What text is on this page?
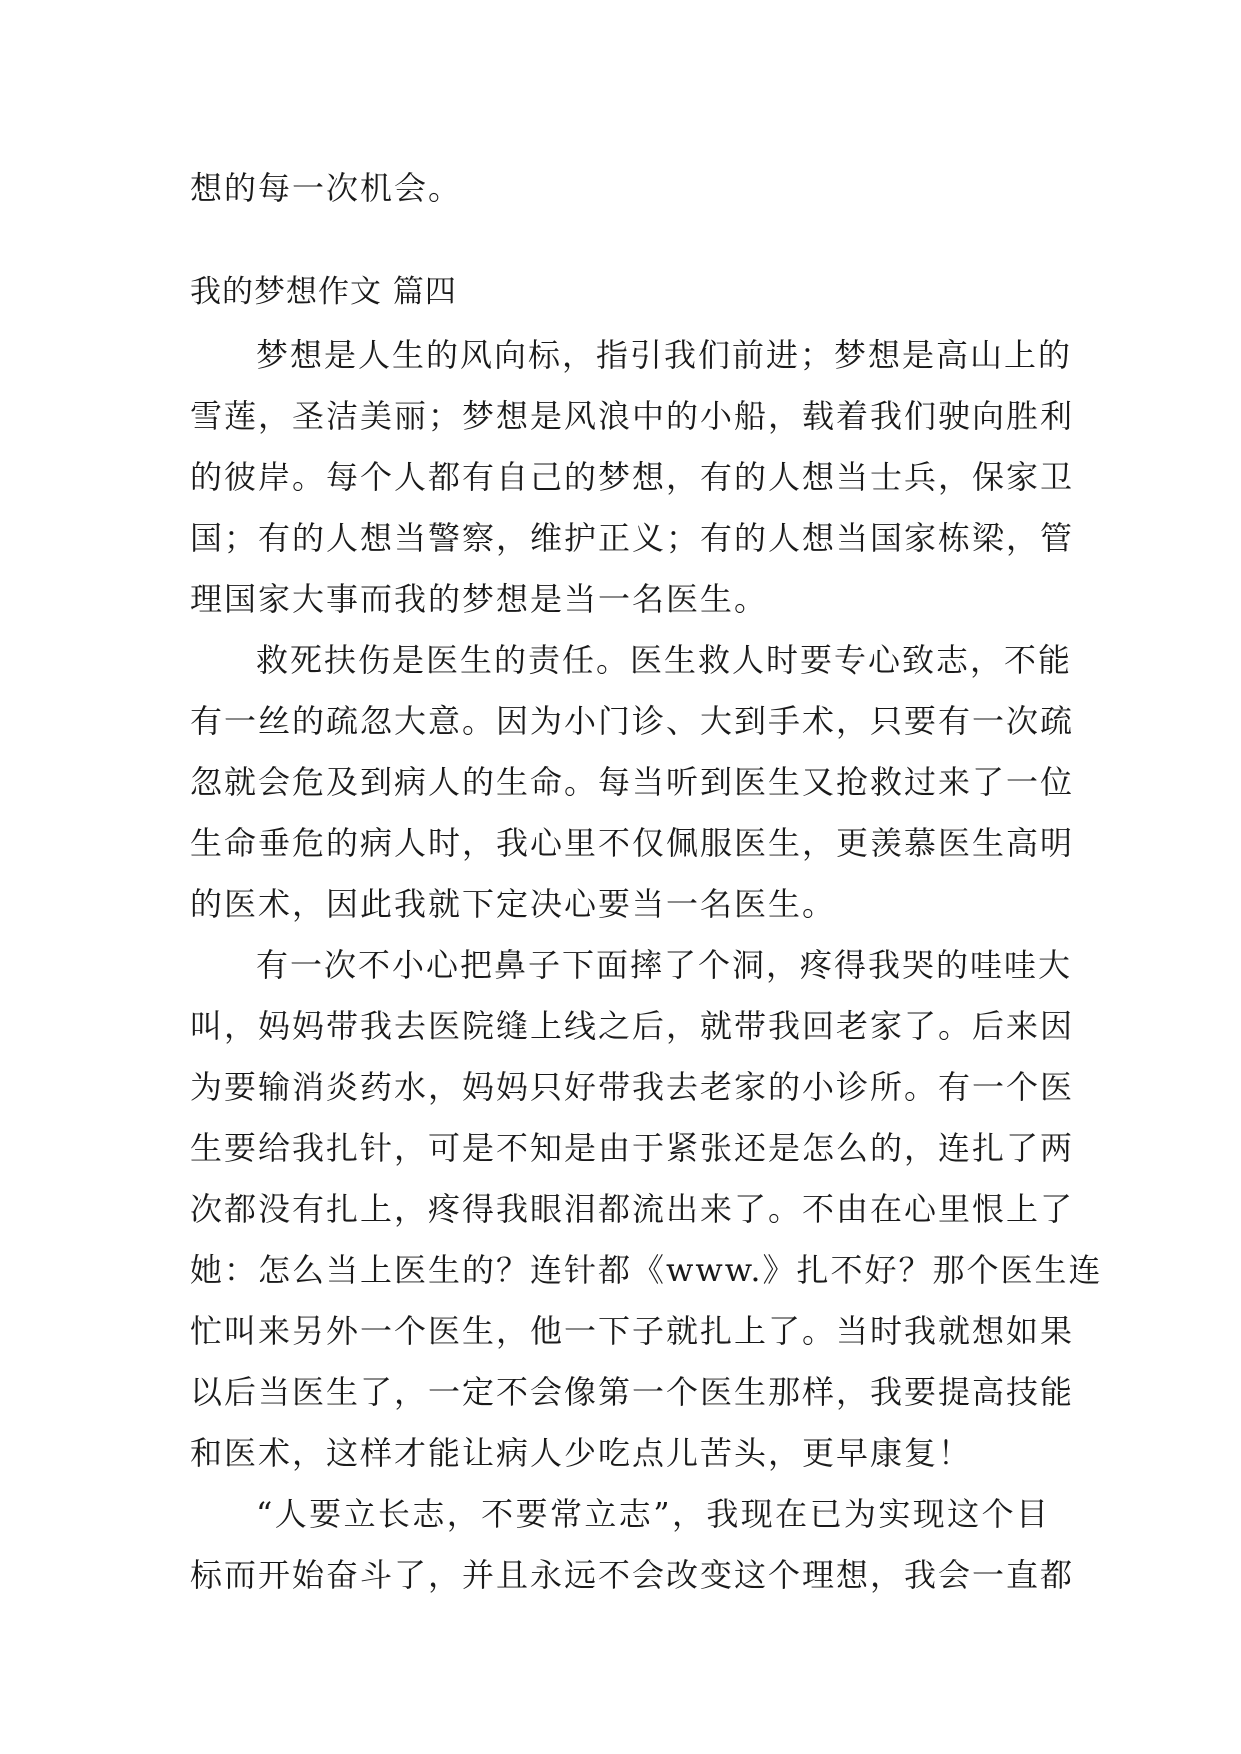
想的每一次机会。
我的梦想作文 篇四
梦想是人生的风向标，指引我们前进；梦想是高山上的
雪莲，圣洁美丽；梦想是风浪中的小船，载着我们驶向胜利
的彼岸。每个人都有自己的梦想，有的人想当士兵，保家卫
国；有的人想当警察，维护正义；有的人想当国家栋梁，管
理国家大事而我的梦想是当一名医生。
救死扶伤是医生的责任。医生救人时要专心致志，不能
有一丝的疏忽大意。因为小门诊、大到手术，只要有一次疏
忽就会危及到病人的生命。每当听到医生又抢救过来了一位
生命垂危的病人时，我心里不仅佩服医生，更羡慕医生高明
的医术，因此我就下定决心要当一名医生。
有一次不小心把鼻子下面摔了个洞，疼得我哭的哇哇大
叫，妈妈带我去医院缝上线之后，就带我回老家了。后来因
为要输消炎药水，妈妈只好带我去老家的小诊所。有一个医
生要给我扎针，可是不知是由于紧张还是怎么的，连扎了两
次都没有扎上，疼得我眼泪都流出来了。不由在心里恨上了
她：怎么当上医生的？连针都《www.》扎不好？那个医生连
忙叫来另外一个医生，他一下子就扎上了。当时我就想如果
以后当医生了，一定不会像第一个医生那样，我要提高技能
和医术，这样才能让病人少吃点儿苦头，更早康复！
“人要立长志，不要常立志”，我现在已为实现这个目
标而开始奋斗了，并且永远不会改变这个理想，我会一直都
